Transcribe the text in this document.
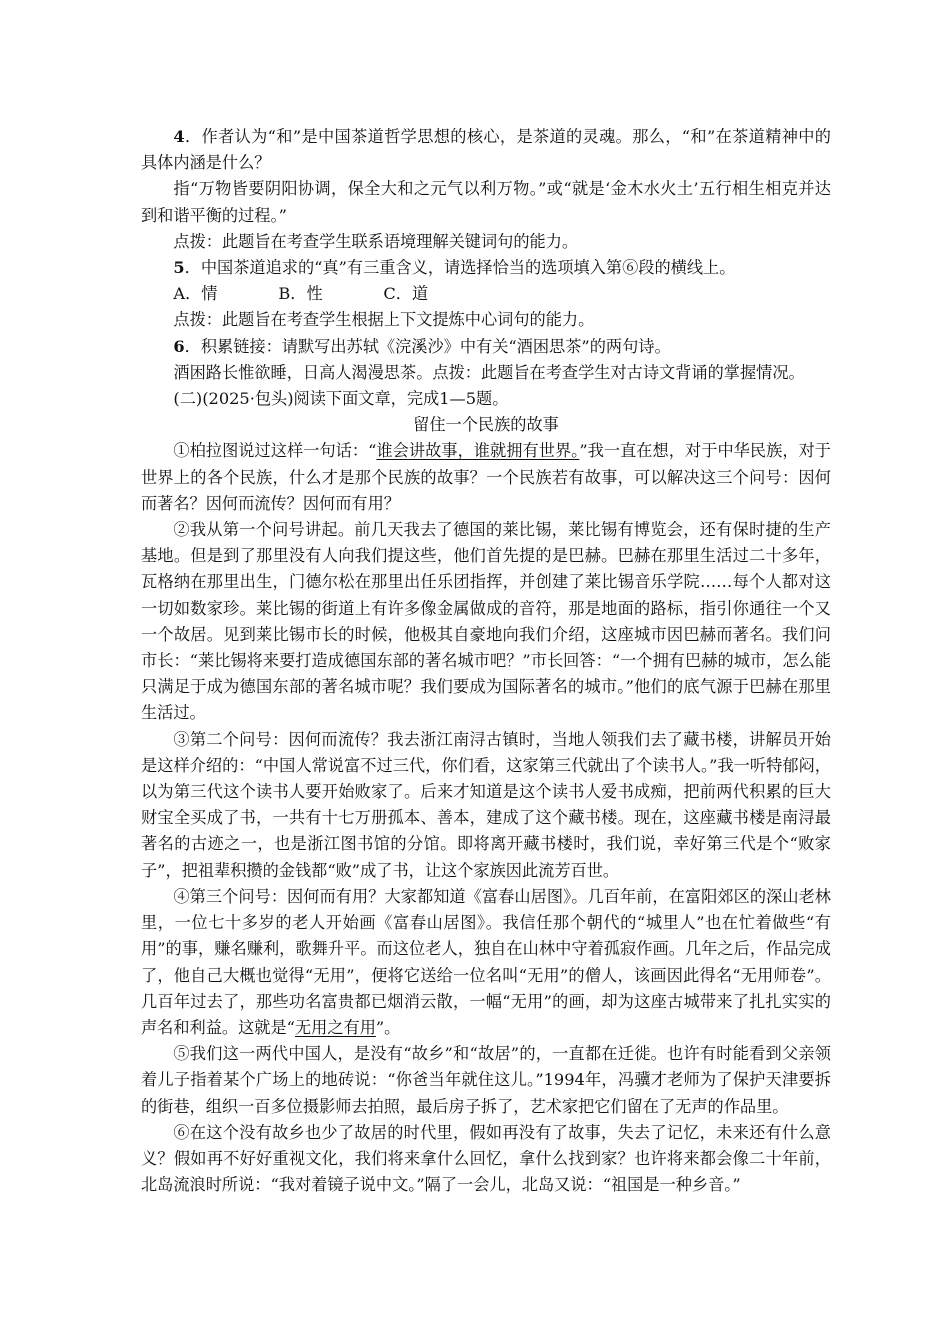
4．作者认为“和”是中国茶道哲学思想的核心，是茶道的灵魂。那么，“和”在茶道精神中的具体内涵是什么？

指“万物皆要阴阳协调，保全大和之元气以利万物。”或“就是‘金木水火土’五行相生相克并达到和谐平衡的过程。”

点拨：此题旨在考查学生联系语境理解关键词句的能力。

5．中国茶道追求的“真”有三重含义，请选择恰当的选项填入第⑥段的横线上。

A．情	B．性	C．道

点拨：此题旨在考查学生根据上下文提炼中心词句的能力。

6．积累链接：请默写出苏轼《浣溪沙》中有关“酒困思茶”的两句诗。

酒困路长惟欲睡，日高人渴漫思茶。点拨：此题旨在考查学生对古诗文背诵的掌握情况。

(二)(2025·包头)阅读下面文章，完成1—5题。

留住一个民族的故事

①柏拉图说过这样一句话：“谁会讲故事，谁就拥有世界。”我一直在想，对于中华民族，对于世界上的各个民族，什么才是那个民族的故事？一个民族若有故事，可以解决这三个问号：因何而著名？因何而流传？因何而有用？

②我从第一个问号讲起。前几天我去了德国的莱比锡，莱比锡有博览会，还有保时捷的生产基地。但是到了那里没有人向我们提这些，他们首先提的是巴赫。巴赫在那里生活过二十多年，瓦格纳在那里出生，门德尔松在那里出任乐团指挥，并创建了莱比锡音乐学院……每个人都对这一切如数家珍。莱比锡的街道上有许多像金属做成的音符，那是地面的路标，指引你通往一个又一个故居。见到莱比锡市长的时候，他极其自豪地向我们介绍，这座城市因巴赫而著名。我们问市长：“莱比锡将来要打造成德国东部的著名城市吧？”市长回答：“一个拥有巴赫的城市，怎么能只满足于成为德国东部的著名城市呢？我们要成为国际著名的城市。”他们的底气源于巴赫在那里生活过。

③第二个问号：因何而流传？我去浙江南浔古镇时，当地人领我们去了藏书楼，讲解员开始是这样介绍的：“中国人常说富不过三代，你们看，这家第三代就出了个读书人。”我一听特郁闷，以为第三代这个读书人要开始败家了。后来才知道是这个读书人爱书成痴，把前两代积累的巨大财宝全买成了书，一共有十七万册孤本、善本，建成了这个藏书楼。现在，这座藏书楼是南浔最著名的古迹之一，也是浙江图书馆的分馆。即将离开藏书楼时，我们说，幸好第三代是个“败家子”，把祖辈积攒的金钱都“败”成了书，让这个家族因此流芳百世。

④第三个问号：因何而有用？大家都知道《富春山居图》。几百年前，在富阳郊区的深山老林里，一位七十多岁的老人开始画《富春山居图》。我信任那个朝代的“城里人”也在忙着做些“有用”的事，赚名赚利，歌舞升平。而这位老人，独自在山林中守着孤寂作画。几年之后，作品完成了，他自己大概也觉得“无用”，便将它送给一位名叫“无用”的僧人，该画因此得名“无用师卷”。几百年过去了，那些功名富贵都已烟消云散，一幅“无用”的画，却为这座古城带来了扎扎实实的声名和利益。这就是“无用之有用”。

⑤我们这一两代中国人，是没有“故乡”和“故居”的，一直都在迁徙。也许有时能看到父亲领着儿子指着某个广场上的地砖说：“你爸当年就住这儿。”1994年，冯骥才老师为了保护天津要拆的街巷，组织一百多位摄影师去拍照，最后房子拆了，艺术家把它们留在了无声的作品里。

⑥在这个没有故乡也少了故居的时代里，假如再没有了故事，失去了记忆，未来还有什么意义？假如再不好好重视文化，我们将来拿什么回忆，拿什么找到家？也许将来都会像二十年前，北岛流浪时所说：“我对着镜子说中文。”隔了一会儿，北岛又说：“祖国是一种乡音。”
